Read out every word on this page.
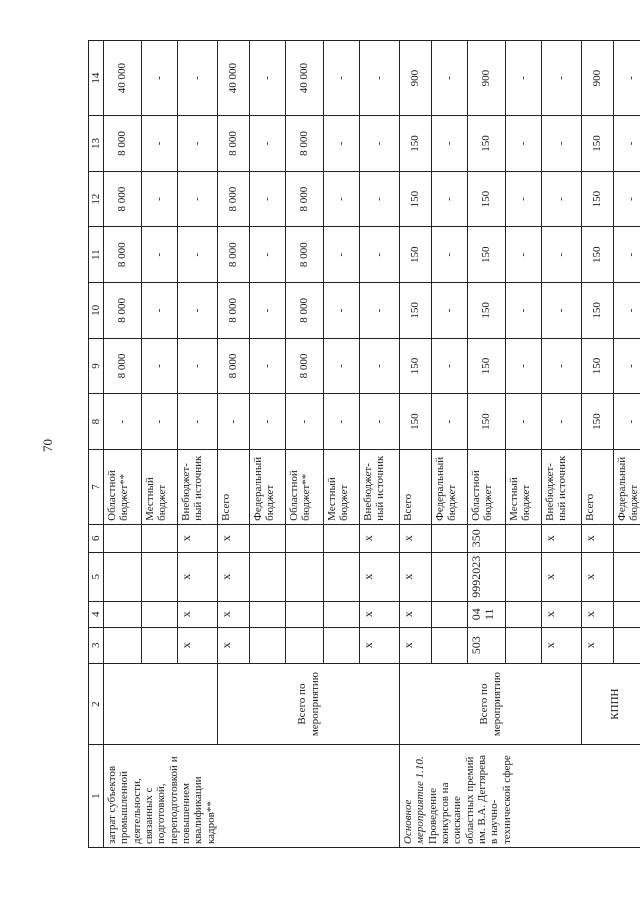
70
1	2	3	4	5	6	7	8	9	10	11	12	13	14
затрат субъектов промышленной деятельности, связанных с подготовкой, переподготовкой и повышением квалификации кадров**						Областной бюджет**	-	8 000	8 000	8 000	8 000	8 000	40 000
						Местный бюджет	-	-	-	-	-	-	-
		x	x	x	x	Внебюджет-ный источник	-	-	-	-	-	-	-
	Всего по мероприятию	x	x	x	x	Всего	-	8 000	8 000	8 000	8 000	8 000	40 000
						Федеральный бюджет	-	-	-	-	-	-	-
						Областной бюджет**	-	8 000	8 000	8 000	8 000	8 000	40 000
						Местный бюджет	-	-	-	-	-	-	-
		x	x	x	x	Внебюджет-ный источник	-	-	-	-	-	-	-
Основное мероприятие 1.10.
Проведение конкурсов на соискание областных премий им. В.А. Дегтярева в научно-технической сфере	Всего по мероприятию	x	x	x	x	Всего	150	150	150	150	150	150	900
						Федеральный бюджет	-	-	-	-	-	-	-
		503	04 11	9992023	350	Областной бюджет	150	150	150	150	150	150	900
						Местный бюджет	-	-	-	-	-	-	-
		x	x	x	x	Внебюджет-ный источник	-	-	-	-	-	-	-
	КППН	x	x	x	x	Всего	150	150	150	150	150	150	900
						Федеральный бюджет	-	-	-	-	-	-	-
